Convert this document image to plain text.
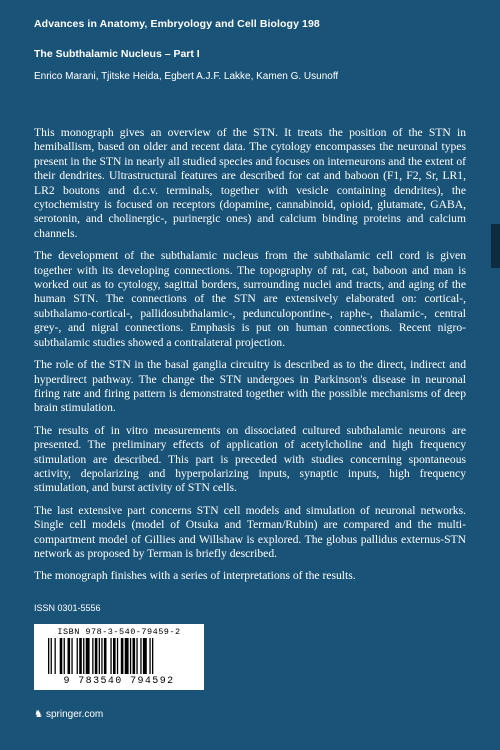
Advances in Anatomy, Embryology and Cell Biology 198
The Subthalamic Nucleus – Part I
Enrico Marani, Tjitske Heida, Egbert A.J.F. Lakke, Kamen G. Usunoff

This monograph gives an overview of the STN. It treats the position of the STN in hemiballism, based on older and recent data. The cytology encompasses the neuronal types present in the STN in nearly all studied species and focuses on interneurons and the extent of their dendrites. Ultrastructural features are described for cat and baboon (F1, F2, Sr, LR1, LR2 boutons and d.c.v. terminals, together with vesicle containing dendrites), the cytochemistry is focused on receptors (dopamine, cannabinoid, opioid, glutamate, GABA, serotonin, and cholinergic-, purinergic ones) and calcium binding proteins and calcium channels.

The development of the subthalamic nucleus from the subthalamic cell cord is given together with its developing connections. The topography of rat, cat, baboon and man is worked out as to cytology, sagittal borders, surrounding nuclei and tracts, and aging of the human STN. The connections of the STN are extensively elaborated on: cortical-, subthalamo-cortical-, pallidosubthalamic-, pedunculopontine-, raphe-, thalamic-, central grey-, and nigral connections. Emphasis is put on human connections. Recent nigro-subthalamic studies showed a contralateral projection.

The role of the STN in the basal ganglia circuitry is described as to the direct, indirect and hyperdirect pathway. The change the STN undergoes in Parkinson's disease in neuronal firing rate and firing pattern is demonstrated together with the possible mechanisms of deep brain stimulation.

The results of in vitro measurements on dissociated cultured subthalamic neurons are presented. The preliminary effects of application of acetylcholine and high frequency stimulation are described. This part is preceded with studies concerning spontaneous activity, depolarizing and hyperpolarizing inputs, synaptic inputs, high frequency stimulation, and burst activity of STN cells.

The last extensive part concerns STN cell models and simulation of neuronal networks. Single cell models (model of Otsuka and Terman/Rubin) are compared and the multi-compartment model of Gillies and Willshaw is explored. The globus pallidus externus-STN network as proposed by Terman is briefly described.

The monograph finishes with a series of interpretations of the results.

ISSN 0301-5556
ISBN 978-3-540-79459-2
9 783540 794592
♞ springer.com
